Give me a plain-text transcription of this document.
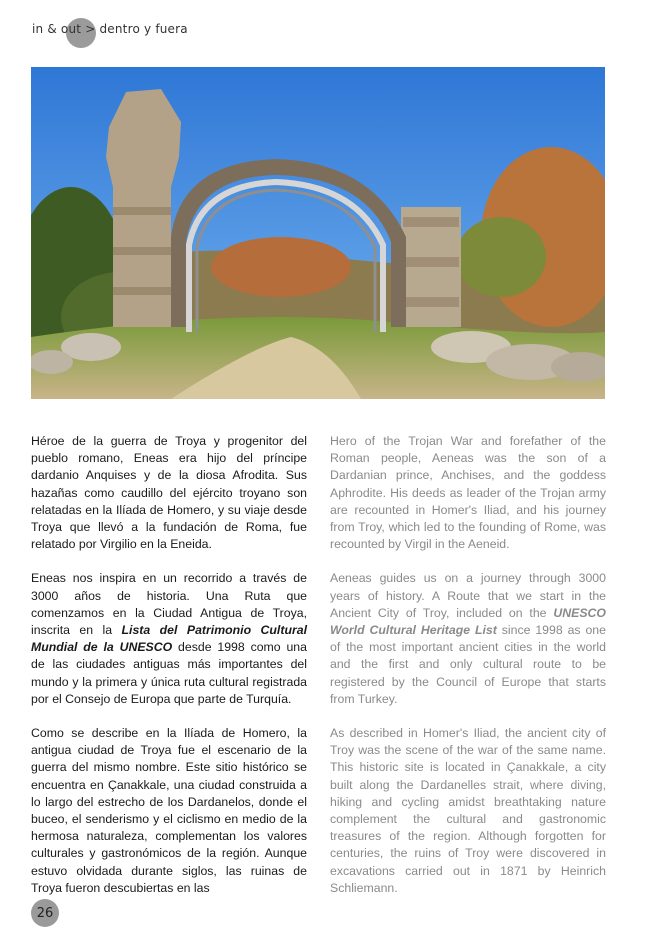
in & out > dentro y fuera

Héroe de la guerra de Troya y progenitor del pueblo romano, Eneas era hijo del príncipe dardanio Anquises y de la diosa Afrodita. Sus hazañas como caudillo del ejército troyano son relatadas en la Ilíada de Homero, y su viaje desde Troya que llevó a la fundación de Roma, fue relatado por Virgilio en la Eneida.

Eneas nos inspira en un recorrido a través de 3000 años de historia. Una Ruta que comenzamos en la Ciudad Antigua de Troya, inscrita en la Lista del Patrimonio Cultural Mundial de la UNESCO desde 1998 como una de las ciudades antiguas más importantes del mundo y la primera y única ruta cultural registrada por el Consejo de Europa que parte de Turquía.

Como se describe en la Ilíada de Homero, la antigua ciudad de Troya fue el escenario de la guerra del mismo nombre. Este sitio histórico se encuentra en Çanakkale, una ciudad construida a lo largo del estrecho de los Dardanelos, donde el buceo, el senderismo y el ciclismo en medio de la hermosa naturaleza, complementan los valores culturales y gastronómicos de la región. Aunque estuvo olvidada durante siglos, las ruinas de Troya fueron descubiertas en las

Hero of the Trojan War and forefather of the Roman people, Aeneas was the son of a Dardanian prince, Anchises, and the goddess Aphrodite. His deeds as leader of the Trojan army are recounted in Homer's Iliad, and his journey from Troy, which led to the founding of Rome, was recounted by Virgil in the Aeneid.

Aeneas guides us on a journey through 3000 years of history. A Route that we start in the Ancient City of Troy, included on the UNESCO World Cultural Heritage List since 1998 as one of the most important ancient cities in the world and the first and only cultural route to be registered by the Council of Europe that starts from Turkey.

As described in Homer's Iliad, the ancient city of Troy was the scene of the war of the same name. This historic site is located in Çanakkale, a city built along the Dardanelles strait, where diving, hiking and cycling amidst breathtaking nature complement the cultural and gastronomic treasures of the region. Although forgotten for centuries, the ruins of Troy were discovered in excavations carried out in 1871 by Heinrich Schliemann.

26
